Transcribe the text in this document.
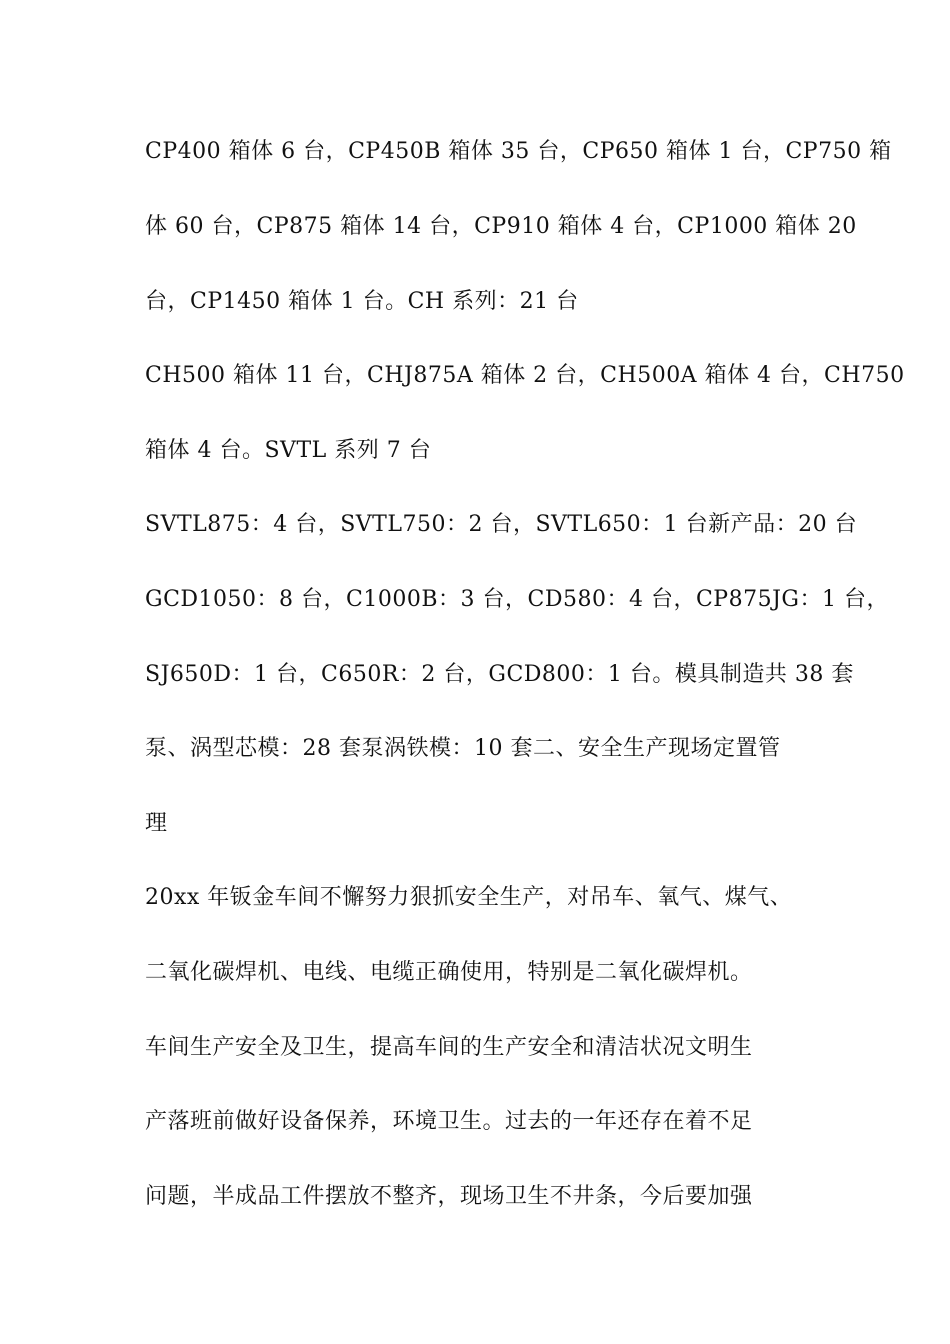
CP400 箱体 6 台，CP450B 箱体 35 台，CP650 箱体 1 台，CP750 箱

体 60 台，CP875 箱体 14 台，CP910 箱体 4 台，CP1000 箱体 20

台，CP1450 箱体 1 台。CH 系列：21 台

CH500 箱体 11 台，CHJ875A 箱体 2 台，CH500A 箱体 4 台，CH750

箱体 4 台。SVTL 系列 7 台

SVTL875：4 台，SVTL750：2 台，SVTL650：1 台新产品：20 台

GCD1050：8 台，C1000B：3 台，CD580：4 台，CP875JG：1 台，

SJ650D：1 台，C650R：2 台，GCD800：1 台。模具制造共 38 套

泵、涡型芯模：28 套泵涡铁模：10 套二、安全生产现场定置管

理

20xx 年钣金车间不懈努力狠抓安全生产，对吊车、氧气、煤气、

二氧化碳焊机、电线、电缆正确使用，特别是二氧化碳焊机。

车间生产安全及卫生，提高车间的生产安全和清洁状况文明生

产落班前做好设备保养，环境卫生。过去的一年还存在着不足

问题，半成品工件摆放不整齐，现场卫生不井条，今后要加强
